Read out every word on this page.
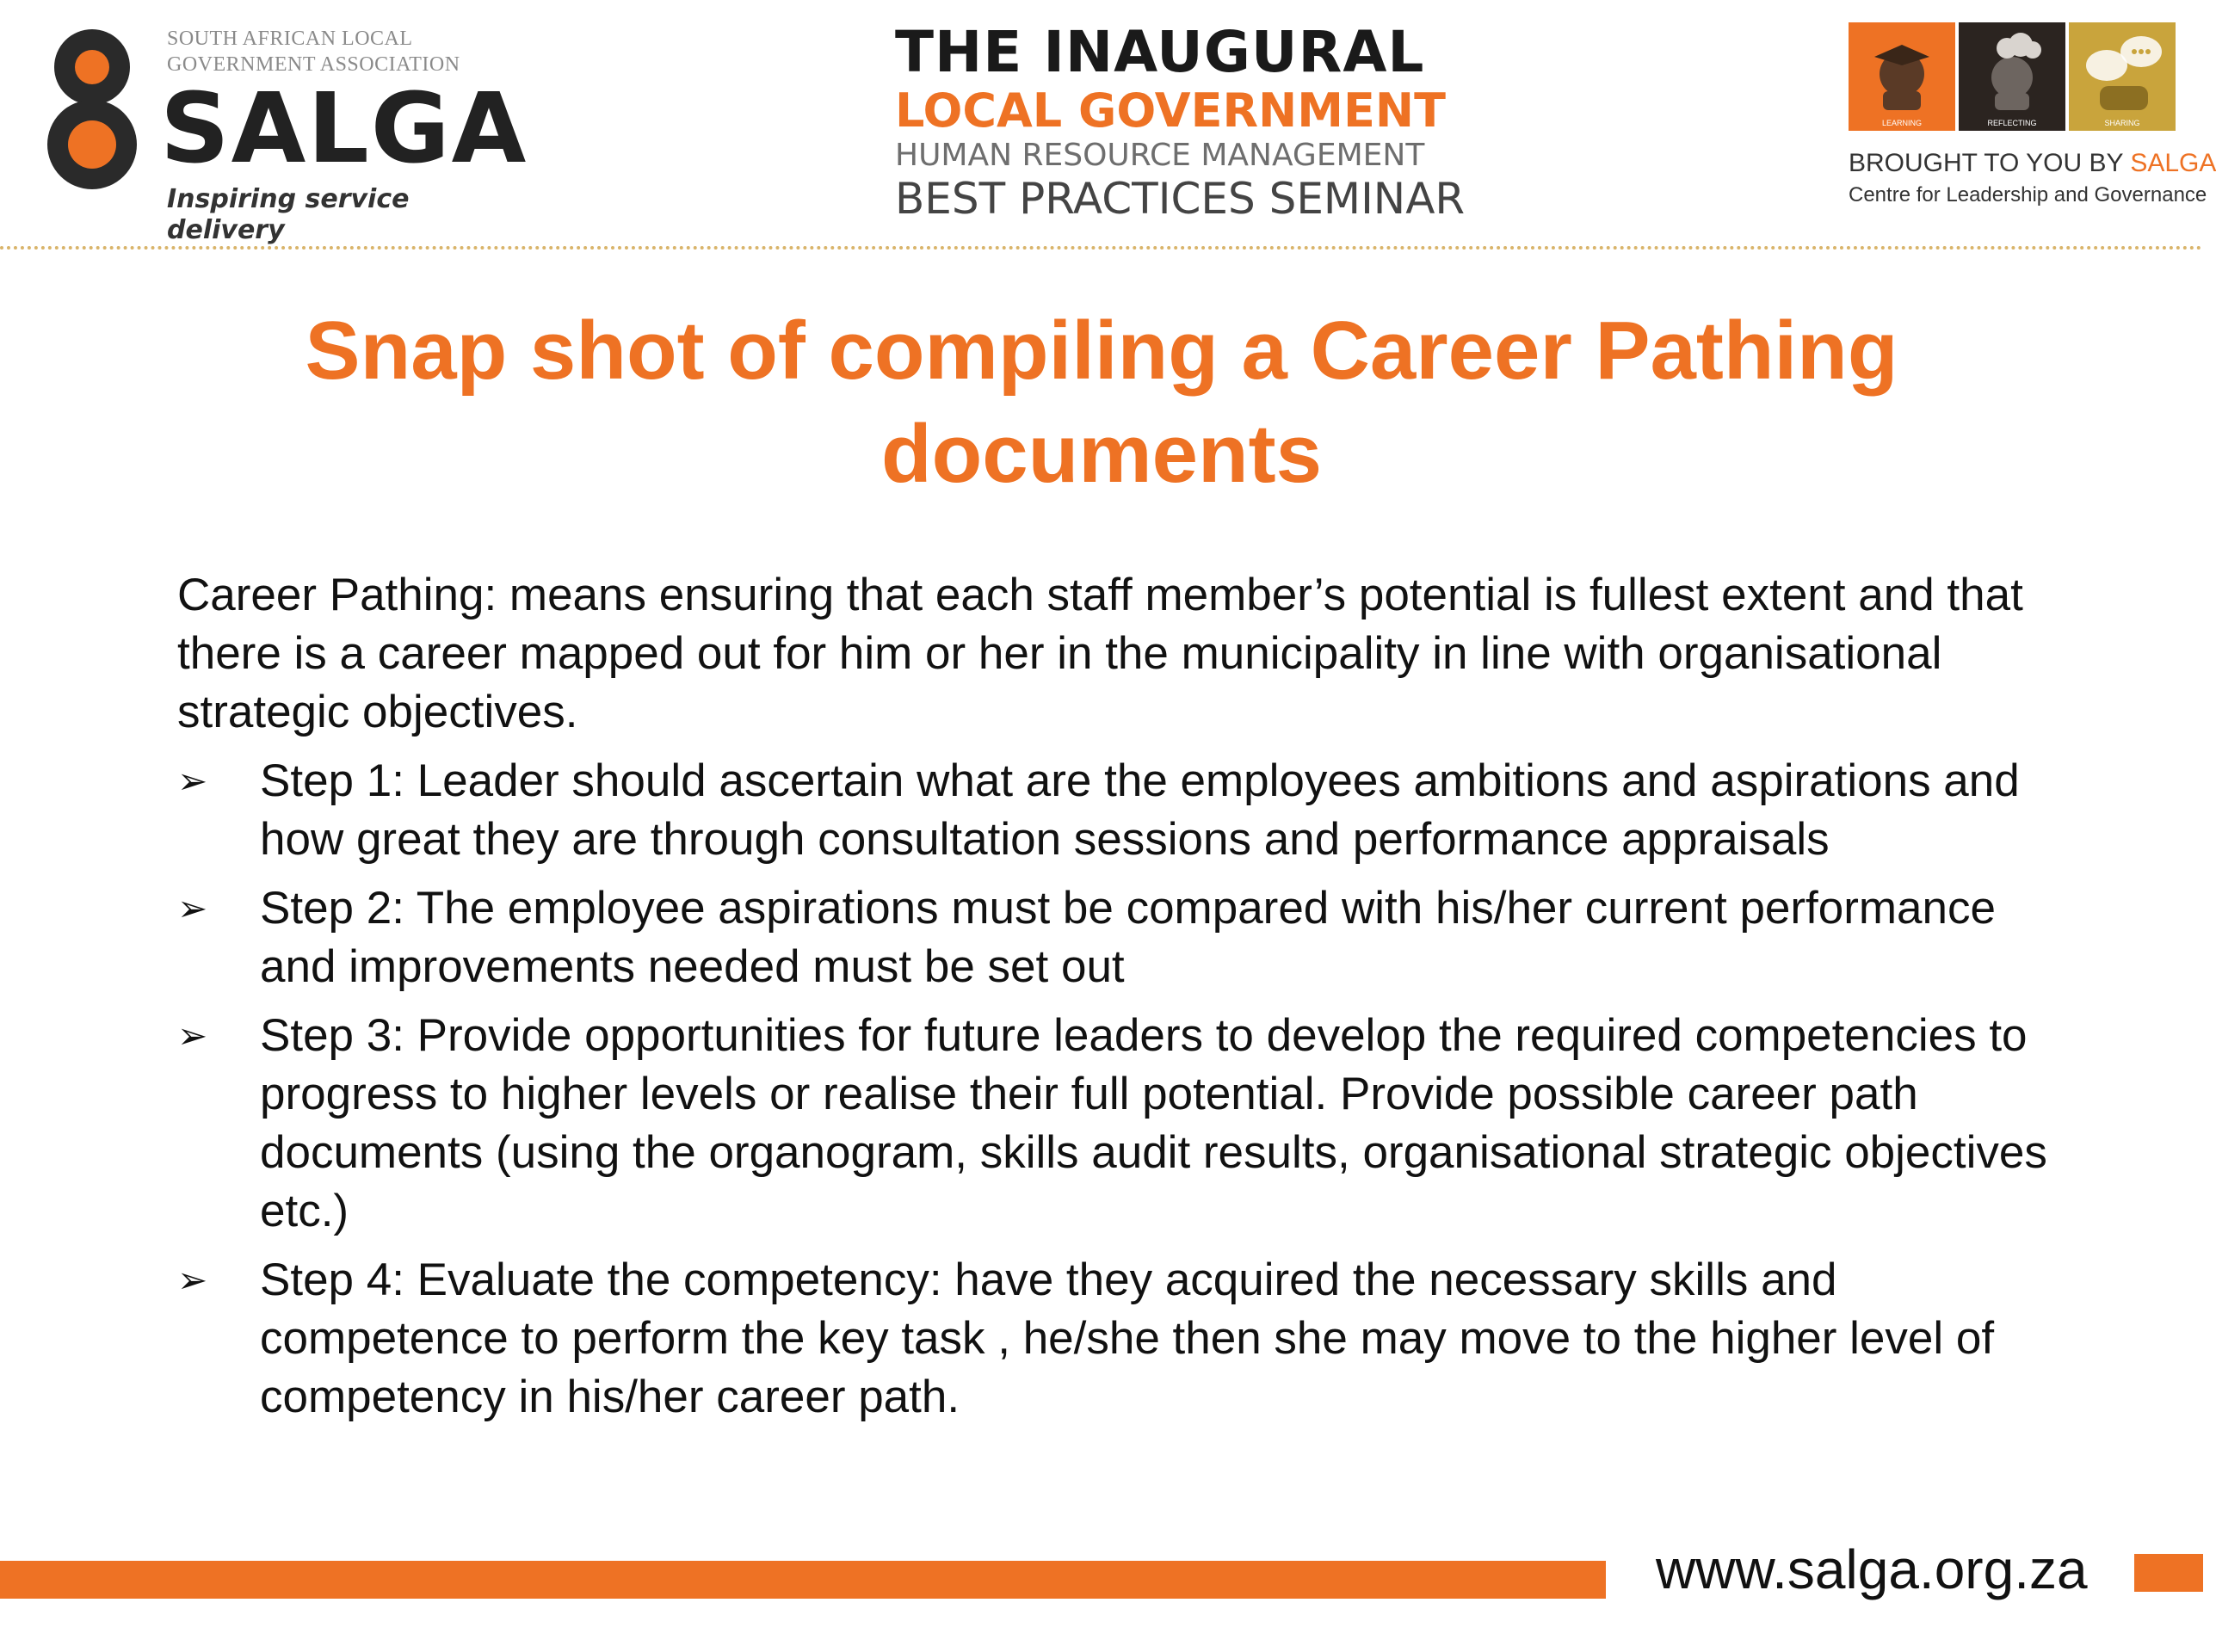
SOUTH AFRICAN LOCAL GOVERNMENT ASSOCIATION
SALGA
Inspiring service delivery
THE INAUGURAL
LOCAL GOVERNMENT
HUMAN RESOURCE MANAGEMENT
BEST PRACTICES SEMINAR
LEARNING	REFLECTING	SHARING
BROUGHT TO YOU BY SALGA
Centre for Leadership and Governance
Snap shot of compiling a Career Pathing documents

Career Pathing: means ensuring that each staff member’s potential is fullest extent and that there is a career mapped out for him or her in the municipality in line with organisational strategic objectives.

➢ Step 1: Leader should ascertain what are the employees ambitions and aspirations and how great they are through consultation sessions and performance appraisals
➢ Step 2: The employee aspirations must be compared with his/her current performance and improvements needed must be set out
➢ Step 3: Provide opportunities for future leaders to develop the required competencies to progress to higher levels or realise their full potential. Provide possible career path documents (using the organogram, skills audit results, organisational strategic objectives etc.)
➢ Step 4: Evaluate the competency: have they acquired the necessary skills and competence to perform the key task , he/she then she may move to the higher level of competency in his/her career path.
www.salga.org.za
